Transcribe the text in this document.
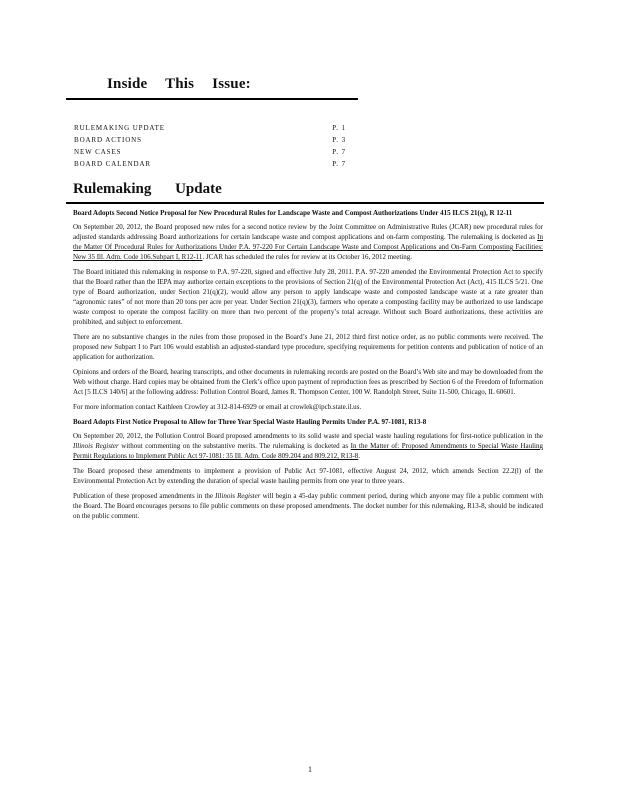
Inside This Issue:
RULEMAKING UPDATE	P. 1
BOARD ACTIONS	P. 3
NEW CASES	P. 7
BOARD CALENDAR	P. 7
Rulemaking Update

Board Adopts Second Notice Proposal for New Procedural Rules for Landscape Waste and Compost Authorizations Under 415 ILCS 21(q), R 12-11

On September 20, 2012, the Board proposed new rules for a second notice review by the Joint Committee on Administrative Rules (JCAR) new procedural rules for adjusted standards addressing Board authorizations for certain landscape waste and compost applications and on-farm composting. The rulemaking is docketed as In the Matter Of Procedural Rules for Authorizations Under P.A. 97-220 For Certain Landscape Waste and Compost Applications and On-Farm Composting Facilities: New 35 Ill. Adm. Code 106.Subpart I, R12-11. JCAR has scheduled the rules for review at its October 16, 2012 meeting.

The Board initiated this rulemaking in response to P.A. 97-220, signed and effective July 28, 2011. P.A. 97-220 amended the Environmental Protection Act to specify that the Board rather than the IEPA may authorize certain exceptions to the provisions of Section 21(q) of the Environmental Protection Act (Act), 415 ILCS 5/21. One type of Board authorization, under Section 21(q)(2), would allow any person to apply landscape waste and composted landscape waste at a rate greater than “agronomic rates” of not more than 20 tons per acre per year. Under Section 21(q)(3), farmers who operate a composting facility may be authorized to use landscape waste compost to operate the compost facility on more than two percent of the property’s total acreage. Without such Board authorizations, these activities are prohibited, and subject to enforcement.

There are no substantive changes in the rules from those proposed in the Board’s June 21, 2012 third first notice order, as no public comments were received. The proposed new Subpart I to Part 106 would establish an adjusted-standard type procedure, specifying requirements for petition contents and publication of notice of an application for authorization.

Opinions and orders of the Board, hearing transcripts, and other documents in rulemaking records are posted on the Board’s Web site and may be downloaded from the Web without charge. Hard copies may be obtained from the Clerk’s office upon payment of reproduction fees as prescribed by Section 6 of the Freedom of Information Act [5 ILCS 140/6] at the following address: Pollution Control Board, James R. Thompson Center, 100 W. Randolph Street, Suite 11-500, Chicago, IL 60601.

For more information contact Kathleen Crowley at 312-814-6929 or email at crowlek@ipcb.state.il.us.

Board Adopts First Notice Proposal to Allow for Three Year Special Waste Hauling Permits Under P.A. 97-1081, R13-8

On September 20, 2012, the Pollution Control Board proposed amendments to its solid waste and special waste hauling regulations for first-notice publication in the Illinois Register without commenting on the substantive merits. The rulemaking is docketed as In the Matter of: Proposed Amendments to Special Waste Hauling Permit Regulations to Implement Public Act 97-1081: 35 Ill. Adm. Code 809.204 and 809.212, R13-8.

The Board proposed these amendments to implement a provision of Public Act 97-1081, effective August 24, 2012, which amends Section 22.2(l) of the Environmental Protection Act by extending the duration of special waste hauling permits from one year to three years.

Publication of these proposed amendments in the Illinois Register will begin a 45-day public comment period, during which anyone may file a public comment with the Board. The Board encourages persons to file public comments on these proposed amendments. The docket number for this rulemaking, R13-8, should be indicated on the public comment.

1
